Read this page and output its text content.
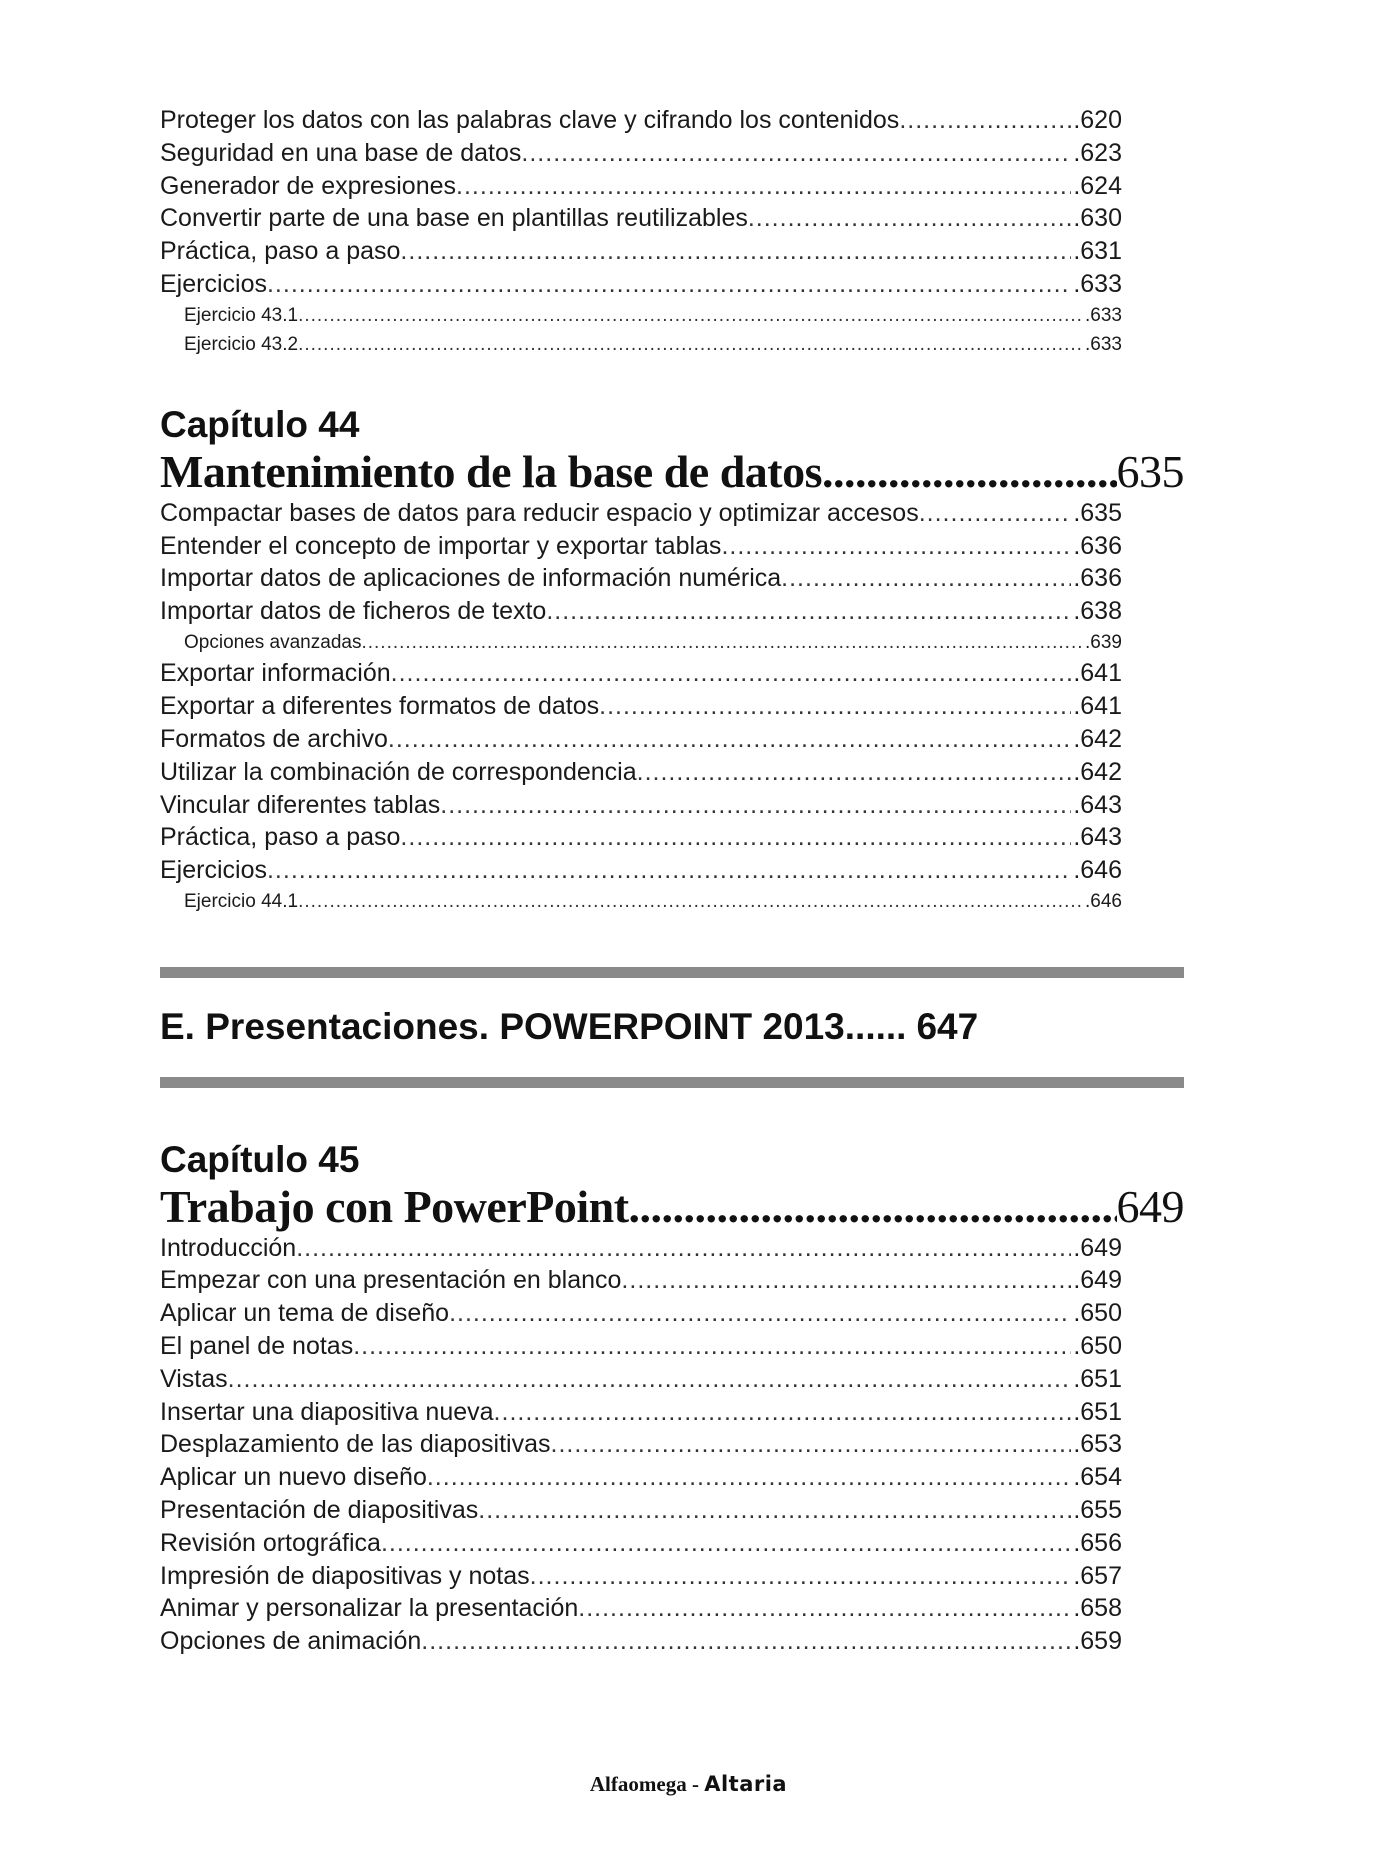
Proteger los datos con las palabras clave y cifrando los contenidos .....	.620
Seguridad en una base de datos .....	.623
Generador de expresiones .....	.624
Convertir parte de una base en plantillas reutilizables .....	.630
Práctica, paso a paso .....	.631
Ejercicios .....	.633
Ejercicio 43.1 .....	.633
Ejercicio 43.2 .....	.633
Capítulo 44
Mantenimiento de la base de datos .....	635
Compactar bases de datos para reducir espacio y optimizar accesos .....	.635
Entender el concepto de importar y exportar tablas .....	.636
Importar datos de aplicaciones de información numérica .....	.636
Importar datos de ficheros de texto .....	.638
Opciones avanzadas .....	.639
Exportar información .....	.641
Exportar a diferentes formatos de datos .....	.641
Formatos de archivo .....	.642
Utilizar la combinación de correspondencia .....	.642
Vincular diferentes tablas .....	.643
Práctica, paso a paso .....	.643
Ejercicios .....	.646
Ejercicio 44.1 .....	.646
E. Presentaciones. POWERPOINT 2013 ...... 647
Capítulo 45
Trabajo con PowerPoint .....	649
Introducción .....	.649
Empezar con una presentación en blanco .....	.649
Aplicar un tema de diseño .....	.650
El panel de notas .....	.650
Vistas .....	.651
Insertar una diapositiva nueva .....	.651
Desplazamiento de las diapositivas .....	.653
Aplicar un nuevo diseño .....	.654
Presentación de diapositivas .....	.655
Revisión ortográfica .....	.656
Impresión de diapositivas y notas .....	.657
Animar y personalizar la presentación .....	.658
Opciones de animación .....	.659
Alfaomega - Altaria
